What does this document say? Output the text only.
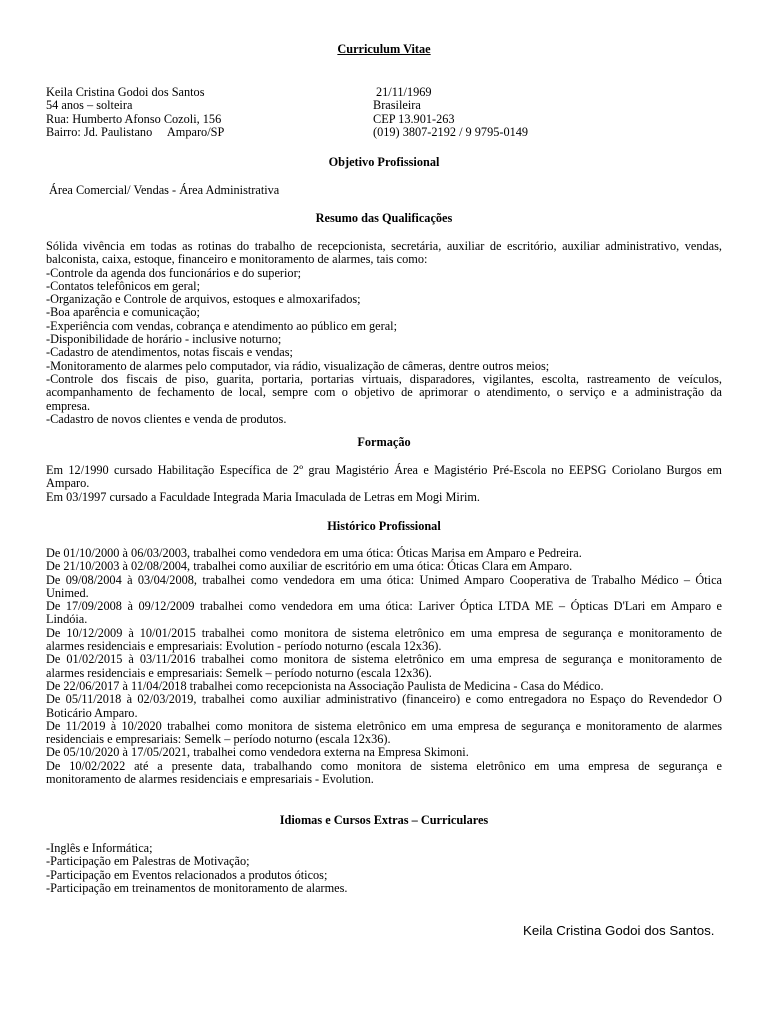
Curriculum Vitae
Keila Cristina Godoi dos Santos
54 anos – solteira
Rua: Humberto Afonso Cozoli, 156
Bairro: Jd. Paulistano     Amparo/SP
21/11/1969
Brasileira
CEP 13.901-263
(019) 3807-2192 / 9 9795-0149
Objetivo Profissional
Área Comercial/ Vendas - Área Administrativa
Resumo das Qualificações

Sólida vivência em todas as rotinas do trabalho de recepcionista, secretária, auxiliar de escritório, auxiliar administrativo, vendas,

balconista, caixa, estoque, financeiro e monitoramento de alarmes, tais como:

-Controle da agenda dos funcionários e do superior;

-Contatos telefônicos em geral;

-Organização e Controle de arquivos, estoques e almoxarifados;

-Boa aparência e comunicação;

-Experiência com vendas, cobrança e atendimento ao público em geral;

-Disponibilidade de horário - inclusive noturno;

-Cadastro de atendimentos, notas fiscais e vendas;

-Monitoramento de alarmes pelo computador, via rádio, visualização de câmeras, dentre outros meios;

-Controle dos fiscais de piso, guarita, portaria, portarias virtuais, disparadores, vigilantes, escolta, rastreamento de veículos,

acompanhamento de fechamento de local, sempre com o objetivo de aprimorar o atendimento, o serviço e a administração da

empresa.

-Cadastro de novos clientes e venda de produtos.

Formação

Em 12/1990 cursado Habilitação Específica de 2º grau Magistério Área e Magistério Pré-Escola no EEPSG Coriolano Burgos em

Amparo.

Em 03/1997 cursado a Faculdade Integrada Maria Imaculada de Letras em Mogi Mirim.

Histórico Profissional

De 01/10/2000 à 06/03/2003, trabalhei como vendedora em uma ótica: Óticas Marisa em Amparo e Pedreira.

De 21/10/2003 à 02/08/2004, trabalhei como auxiliar de escritório em uma ótica: Óticas Clara em Amparo.

De 09/08/2004 à 03/04/2008, trabalhei como vendedora em uma ótica: Unimed Amparo Cooperativa de Trabalho Médico – Ótica

Unimed.

De 17/09/2008 à 09/12/2009 trabalhei como vendedora em uma ótica: Lariver Óptica LTDA ME – Ópticas D'Lari em Amparo e

Lindóia.

De 10/12/2009 à 10/01/2015 trabalhei como monitora de sistema eletrônico em uma empresa de segurança e monitoramento de

alarmes residenciais e empresariais: Evolution - período noturno (escala 12x36).

De 01/02/2015 à 03/11/2016 trabalhei como monitora de sistema eletrônico em uma empresa de segurança e monitoramento de

alarmes residenciais e empresariais: Semelk – período noturno (escala 12x36).

De 22/06/2017 à 11/04/2018 trabalhei como recepcionista na Associação Paulista de Medicina - Casa do Médico.

De 05/11/2018 à 02/03/2019, trabalhei como auxiliar administrativo (financeiro) e como entregadora no Espaço do Revendedor O

Boticário Amparo.

De 11/2019 à 10/2020 trabalhei como monitora de sistema eletrônico em uma empresa de segurança e monitoramento de alarmes

residenciais e empresariais: Semelk – período noturno (escala 12x36).

De 05/10/2020 à 17/05/2021, trabalhei como vendedora externa na Empresa Skimoni.

De 10/02/2022 até a presente data, trabalhando como monitora de sistema eletrônico em uma empresa de segurança e

monitoramento de alarmes residenciais e empresariais - Evolution.

Idiomas e Cursos Extras – Curriculares

-Inglês e Informática;

-Participação em Palestras de Motivação;

-Participação em Eventos relacionados a produtos óticos;

-Participação em treinamentos de monitoramento de alarmes.

Keila Cristina Godoi dos Santos.
